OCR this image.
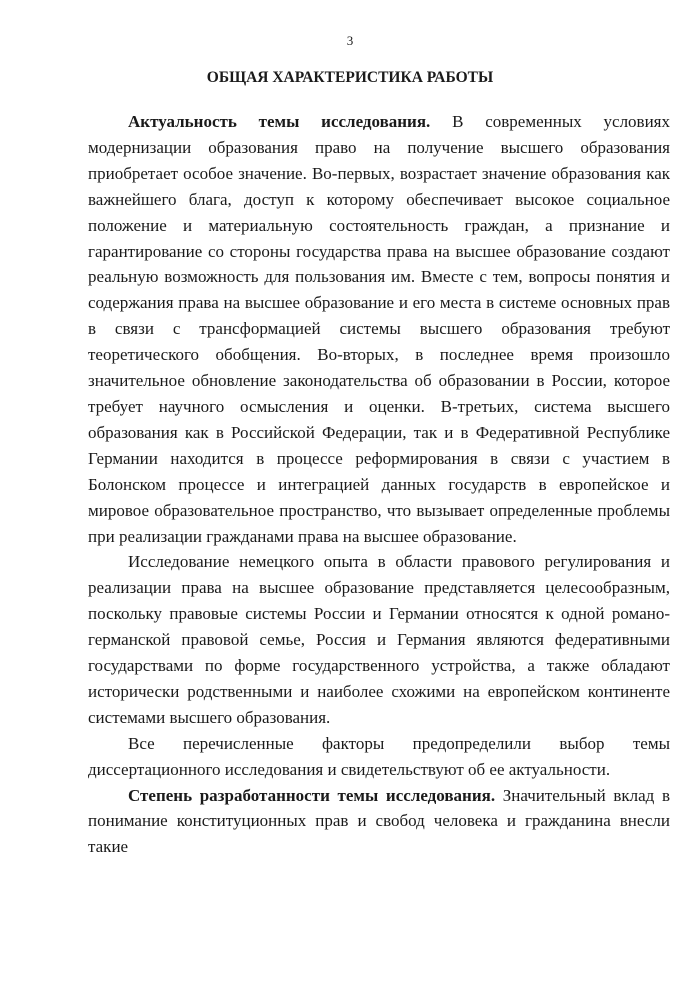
3
ОБЩАЯ ХАРАКТЕРИСТИКА РАБОТЫ

Актуальность темы исследования. В современных условиях модернизации образования право на получение высшего образования приобретает особое значение. Во-первых, возрастает значение образования как важнейшего блага, доступ к которому обеспечивает высокое социальное положение и материальную состоятельность граждан, а признание и гарантирование со стороны государства права на высшее образование создают реальную возможность для пользования им. Вместе с тем, вопросы понятия и содержания права на высшее образование и его места в системе основных прав в связи с трансформацией системы высшего образования требуют теоретического обобщения. Во-вторых, в последнее время произошло значительное обновление законодательства об образовании в России, которое требует научного осмысления и оценки. В-третьих, система высшего образования как в Российской Федерации, так и в Федеративной Республике Германии находится в процессе реформирования в связи с участием в Болонском процессе и интеграцией данных государств в европейское и мировое образовательное пространство, что вызывает определенные проблемы при реализации гражданами права на высшее образование.

Исследование немецкого опыта в области правового регулирования и реализации права на высшее образование представляется целесообразным, поскольку правовые системы России и Германии относятся к одной романо-германской правовой семье, Россия и Германия являются федеративными государствами по форме государственного устройства, а также обладают исторически родственными и наиболее схожими на европейском континенте системами высшего образования.

Все перечисленные факторы предопределили выбор темы диссертационного исследования и свидетельствуют об ее актуальности.

Степень разработанности темы исследования. Значительный вклад в понимание конституционных прав и свобод человека и гражданина внесли такие
